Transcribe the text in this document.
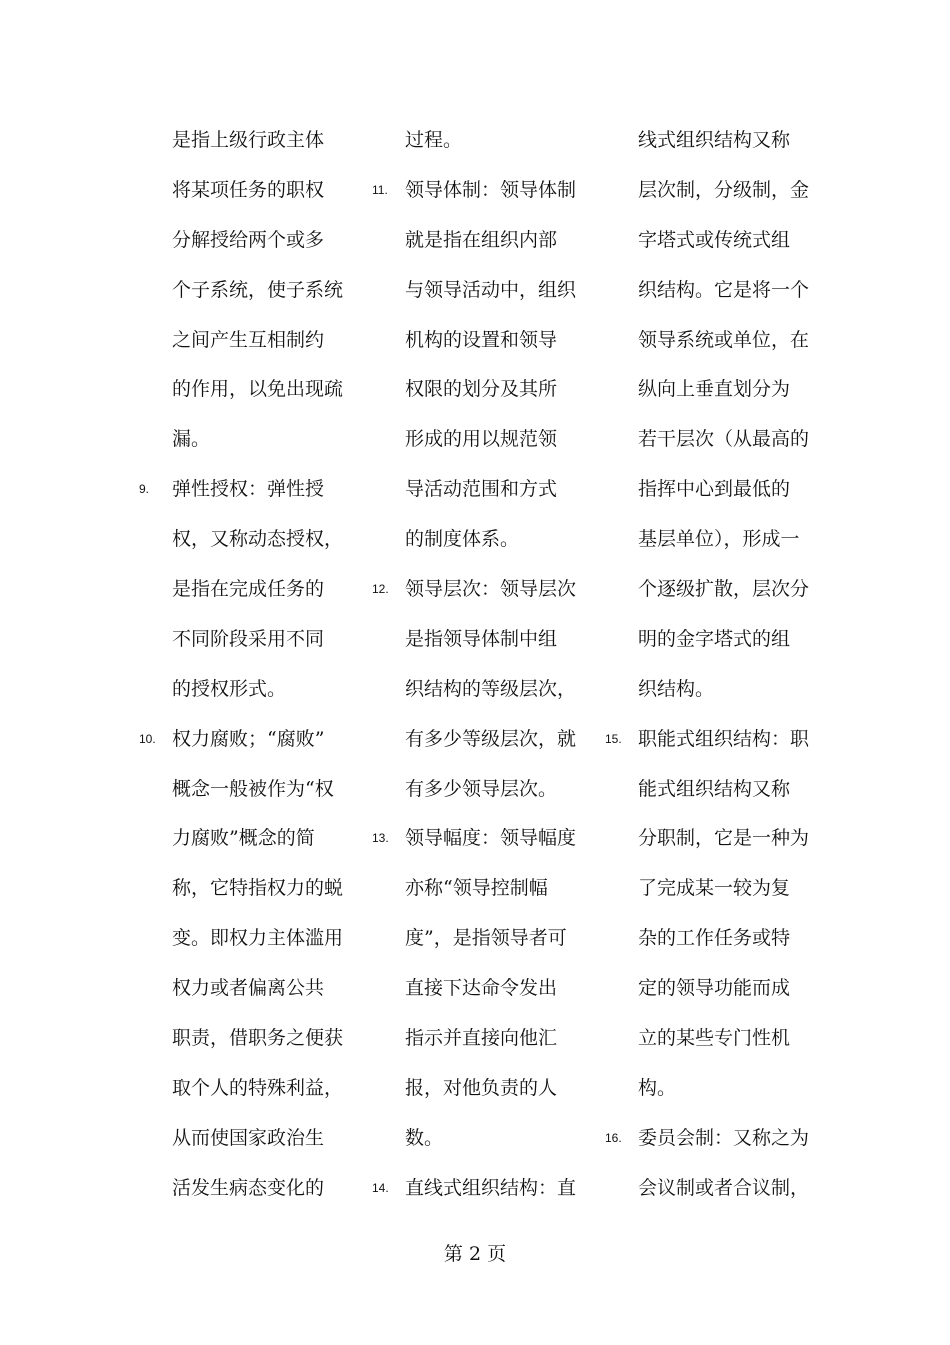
是指上级行政主体
将某项任务的职权
分解授给两个或多
个子系统，使子系统
之间产生互相制约
的作用，以免出现疏
漏。
9.	弹性授权：弹性授
权，又称动态授权，
是指在完成任务的
不同阶段采用不同
的授权形式。
10. 权力腐败；“腐败”
概念一般被作为“权
力腐败”概念的简
称，它特指权力的蜕
变。即权力主体滥用
权力或者偏离公共
职责，借职务之便获
取个人的特殊利益，
从而使国家政治生
活发生病态变化的
过程。
11. 领导体制：领导体制
就是指在组织内部
与领导活动中，组织
机构的设置和领导
权限的划分及其所
形成的用以规范领
导活动范围和方式
的制度体系。
12. 领导层次：领导层次
是指领导体制中组
织结构的等级层次，
有多少等级层次，就
有多少领导层次。
13. 领导幅度：领导幅度
亦称“领导控制幅
度”，是指领导者可
直接下达命令发出
指示并直接向他汇
报，对他负责的人
数。
14. 直线式组织结构：直
线式组织结构又称
层次制，分级制，金
字塔式或传统式组
织结构。它是将一个
领导系统或单位，在
纵向上垂直划分为
若干层次（从最高的
指挥中心到最低的
基层单位），形成一
个逐级扩散，层次分
明的金字塔式的组
织结构。
15. 职能式组织结构：职
能式组织结构又称
分职制，它是一种为
了完成某一较为复
杂的工作任务或特
定的领导功能而成
立的某些专门性机
构。
16. 委员会制：又称之为
会议制或者合议制，
第 2 页
